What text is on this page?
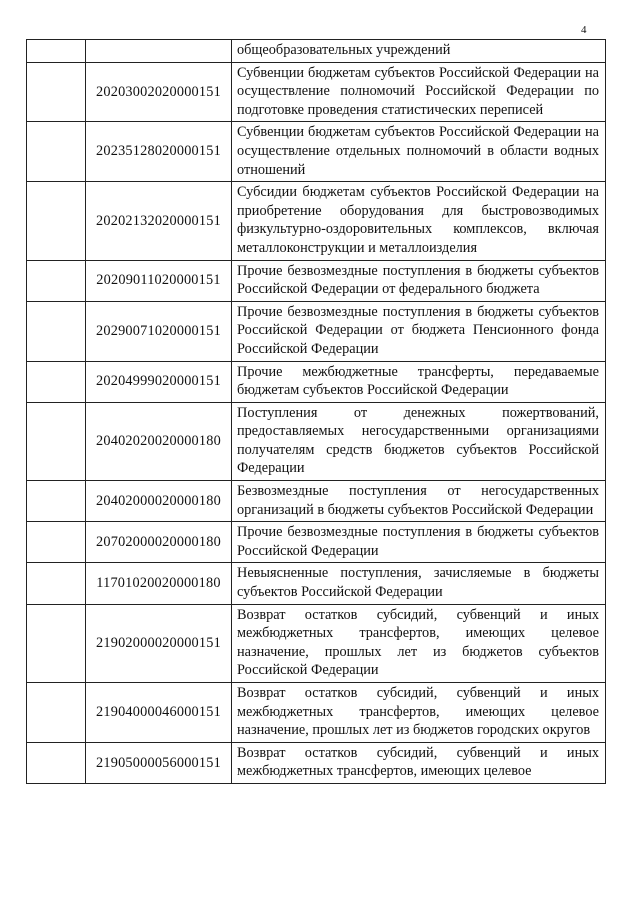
4
		общеобразовательных учреждений
	20203002020000151	Субвенции бюджетам субъектов Российской Федерации на осуществление полномочий Российской Федерации по подготовке проведения статистических переписей
	20235128020000151	Субвенции бюджетам субъектов Российской Федерации на осуществление отдельных полномочий в области водных отношений
	20202132020000151	Субсидии бюджетам субъектов Российской Федерации на приобретение оборудования для быстровозводимых физкультурно-оздоровительных комплексов, включая металлоконструкции и металлоизделия
	20209011020000151	Прочие безвозмездные поступления в бюджеты субъектов Российской Федерации от федерального бюджета
	20290071020000151	Прочие безвозмездные поступления в бюджеты субъектов Российской Федерации от бюджета Пенсионного фонда Российской Федерации
	20204999020000151	Прочие межбюджетные трансферты, передаваемые бюджетам субъектов Российской Федерации
	20402020020000180	Поступления от денежных пожертвований, предоставляемых негосударственными организациями получателям средств бюджетов субъектов Российской Федерации
	20402000020000180	Безвозмездные поступления от негосударственных организаций в бюджеты субъектов Российской Федерации
	20702000020000180	Прочие безвозмездные поступления в бюджеты субъектов Российской Федерации
	11701020020000180	Невыясненные поступления, зачисляемые в бюджеты субъектов Российской Федерации
	21902000020000151	Возврат остатков субсидий, субвенций и иных межбюджетных трансфертов, имеющих целевое назначение, прошлых лет из бюджетов субъектов Российской Федерации
	21904000046000151	Возврат остатков субсидий, субвенций и иных межбюджетных трансфертов, имеющих целевое назначение, прошлых лет из бюджетов городских округов
	21905000056000151	Возврат остатков субсидий, субвенций и иных межбюджетных трансфертов, имеющих целевое
